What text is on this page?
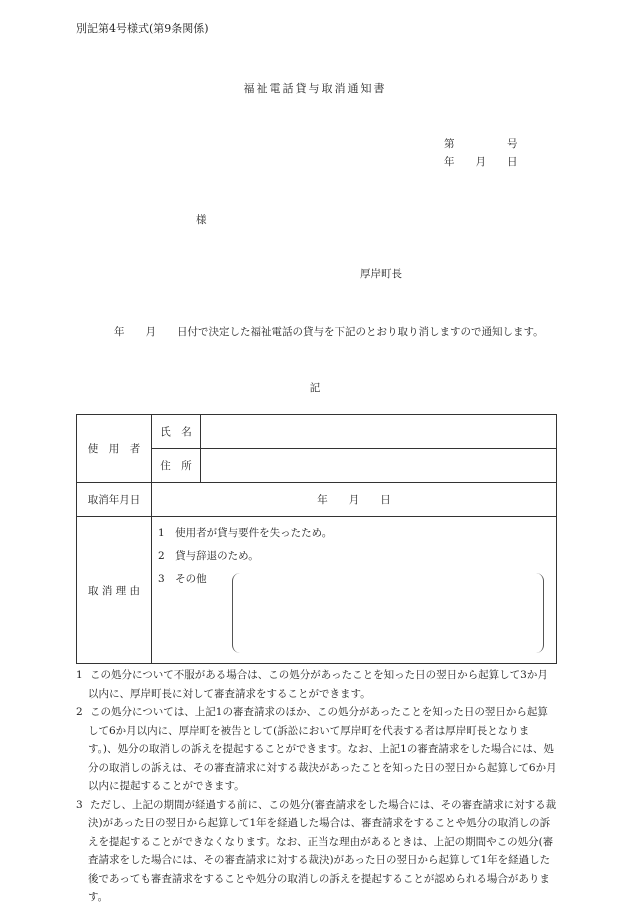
別記第4号様式(第9条関係)
福祉電話貸与取消通知書
第　　　　　号
年　　月　　日
様
厚岸町長
年　　月　　日付で決定した福祉電話の貸与を下記のとおり取り消しますので通知します。
記
使　用　者	氏　名	
	住　所	
取消年月日	年　　月　　日	
取 消 理 由	1　使用者が貸与要件を失ったため。
2　貸与辞退のため。
3　その他	
1 この処分について不服がある場合は、この処分があったことを知った日の翌日から起算して3か月以内に、厚岸町長に対して審査請求をすることができます。
2 この処分については、上記1の審査請求のほか、この処分があったことを知った日の翌日から起算して6か月以内に、厚岸町を被告として(訴訟において厚岸町を代表する者は厚岸町長となります。)、処分の取消しの訴えを提起することができます。なお、上記1の審査請求をした場合には、処分の取消しの訴えは、その審査請求に対する裁決があったことを知った日の翌日から起算して6か月以内に提起することができます。
3 ただし、上記の期間が経過する前に、この処分(審査請求をした場合には、その審査請求に対する裁決)があった日の翌日から起算して1年を経過した場合は、審査請求をすることや処分の取消しの訴えを提起することができなくなります。なお、正当な理由があるときは、上記の期間やこの処分(審査請求をした場合には、その審査請求に対する裁決)があった日の翌日から起算して1年を経過した後であっても審査請求をすることや処分の取消しの訴えを提起することが認められる場合があります。
